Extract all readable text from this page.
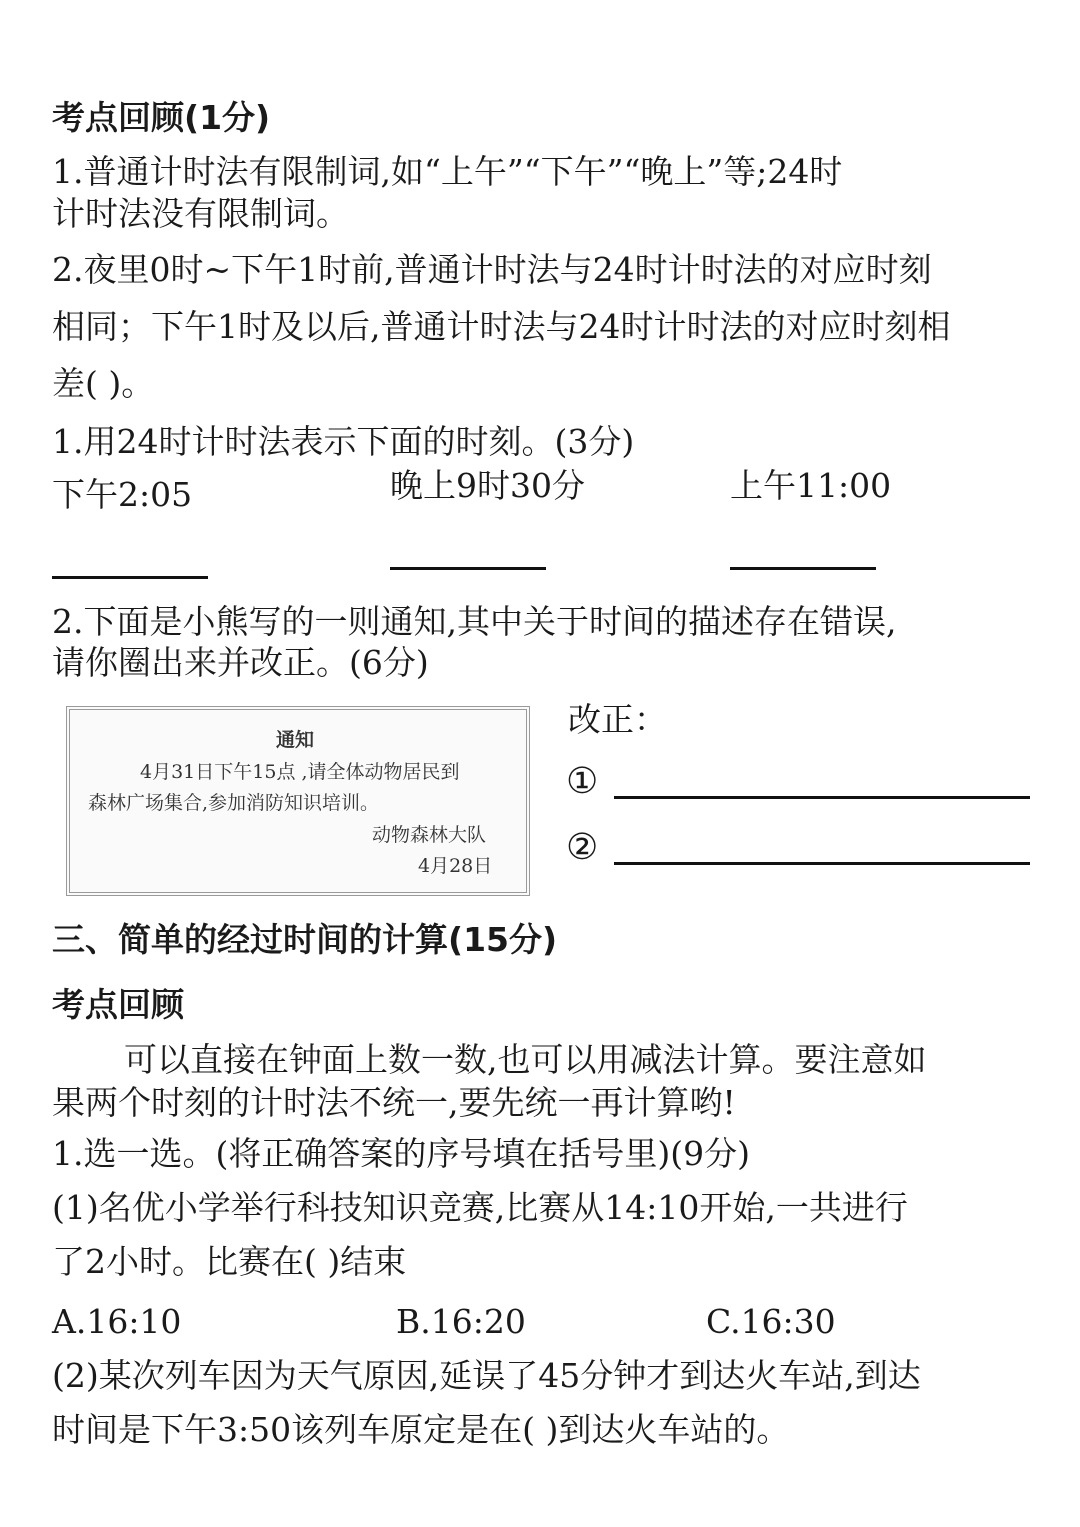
考点回顾(1分)
1.普通计时法有限制词,如“上午”“下午”“晚上”等;24时
计时法没有限制词。
2.夜里0时~下午1时前,普通计时法与24时计时法的对应时刻
相同；下午1时及以后,普通计时法与24时计时法的对应时刻相
差( )。
1.用24时计时法表示下面的时刻。(3分)
下午2:05	晚上9时30分	上午11:00
2.下面是小熊写的一则通知,其中关于时间的描述存在错误,
请你圈出来并改正。(6分)
通知
4月31日下午15点 ,请全体动物居民到
森林广场集合,参加消防知识培训。
动物森林大队
4月28日
改正：
①
②
三、简单的经过时间的计算(15分)
考点回顾
可以直接在钟面上数一数,也可以用减法计算。要注意如
果两个时刻的计时法不统一,要先统一再计算哟!
1.选一选。(将正确答案的序号填在括号里)(9分)
(1)名优小学举行科技知识竞赛,比赛从14:10开始,一共进行
了2小时。比赛在( )结束
A.16:10	B.16:20	C.16:30
(2)某次列车因为天气原因,延误了45分钟才到达火车站,到达
时间是下午3:50该列车原定是在( )到达火车站的。
